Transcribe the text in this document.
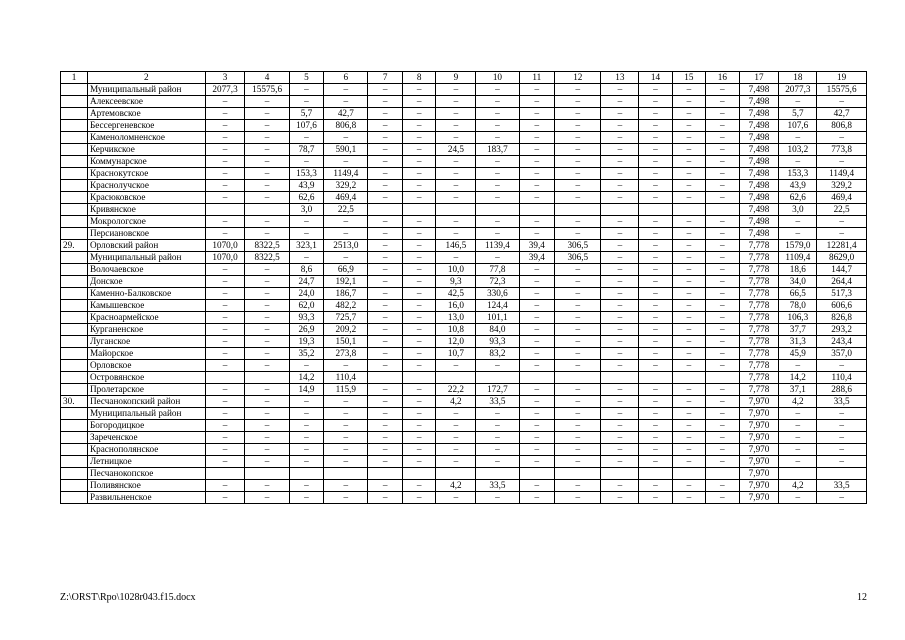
1	2	3	4	5	6	7	8	9	10	11	12	13	14	15	16	17	18	19
	Муниципальный район	2077,3	15575,6	–	–	–	–	–	–	–	–	–	–	–	–	7,498	2077,3	15575,6
	Алексеевское	–	–	–	–	–	–	–	–	–	–	–	–	–	–	7,498	–	–
	Артемовское	–	–	5,7	42,7	–	–	–	–	–	–	–	–	–	–	7,498	5,7	42,7
	Бессергеневское	–	–	107,6	806,8	–	–	–	–	–	–	–	–	–	–	7,498	107,6	806,8
	Каменоломненское	–	–	–	–	–	–	–	–	–	–	–	–	–	–	7,498	–	–
	Керчикское	–	–	78,7	590,1	–	–	24,5	183,7	–	–	–	–	–	–	7,498	103,2	773,8
	Коммунарское	–	–	–	–	–	–	–	–	–	–	–	–	–	–	7,498	–	–
	Краснокутское	–	–	153,3	1149,4	–	–	–	–	–	–	–	–	–	–	7,498	153,3	1149,4
	Краснолучское	–	–	43,9	329,2	–	–	–	–	–	–	–	–	–	–	7,498	43,9	329,2
	Красюковское	–	–	62,6	469,4	–	–	–	–	–	–	–	–	–	–	7,498	62,6	469,4
	Кривянское			3,0	22,5											7,498	3,0	22,5
	Мокрологское	–	–	–	–	–	–	–	–	–	–	–	–	–	–	7,498	–	–
	Персиановское	–	–	–	–	–	–	–	–	–	–	–	–	–	–	7,498	–	–
29.	Орловский район	1070,0	8322,5	323,1	2513,0	–	–	146,5	1139,4	39,4	306,5	–	–	–	–	7,778	1579,0	12281,4
	Муниципальный район	1070,0	8322,5	–	–	–	–	–	–	39,4	306,5	–	–	–	–	7,778	1109,4	8629,0
	Волочаевское	–	–	8,6	66,9	–	–	10,0	77,8	–	–	–	–	–	–	7,778	18,6	144,7
	Донское	–	–	24,7	192,1	–	–	9,3	72,3	–	–	–	–	–	–	7,778	34,0	264,4
	Каменно-Балковское	–	–	24,0	186,7	–	–	42,5	330,6	–	–	–	–	–	–	7,778	66,5	517,3
	Камышевское	–	–	62,0	482,2	–	–	16,0	124,4	–	–	–	–	–	–	7,778	78,0	606,6
	Красноармейское	–	–	93,3	725,7	–	–	13,0	101,1	–	–	–	–	–	–	7,778	106,3	826,8
	Курганенское	–	–	26,9	209,2	–	–	10,8	84,0	–	–	–	–	–	–	7,778	37,7	293,2
	Луганское	–	–	19,3	150,1	–	–	12,0	93,3	–	–	–	–	–	–	7,778	31,3	243,4
	Майорское	–	–	35,2	273,8	–	–	10,7	83,2	–	–	–	–	–	–	7,778	45,9	357,0
	Орловское	–	–	–	–	–	–	–	–	–	–	–	–	–	–	7,778	–	–
	Островянское			14,2	110,4											7,778	14,2	110,4
	Пролетарское	–	–	14,9	115,9	–	–	22,2	172,7	–	–	–	–	–	–	7,778	37,1	288,6
30.	Песчанокопский район	–	–	–	–	–	–	4,2	33,5	–	–	–	–	–	–	7,970	4,2	33,5
	Муниципальный район	–	–	–	–	–	–	–	–	–	–	–	–	–	–	7,970	–	–
	Богородицкое	–	–	–	–	–	–	–	–	–	–	–	–	–	–	7,970	–	–
	Зареченское	–	–	–	–	–	–	–	–	–	–	–	–	–	–	7,970	–	–
	Краснополянское	–	–	–	–	–	–	–	–	–	–	–	–	–	–	7,970	–	–
	Летницкое	–	–	–	–	–	–	–	–	–	–	–	–	–	–	7,970	–	–
	Песчанокопское															7,970		
	Поливянское	–	–	–	–	–	–	4,2	33,5	–	–	–	–	–	–	7,970	4,2	33,5
	Развильненское	–	–	–	–	–	–	–	–	–	–	–	–	–	–	7,970	–	–
Z:\ORST\Rpo\1028r043.f15.docx	12
